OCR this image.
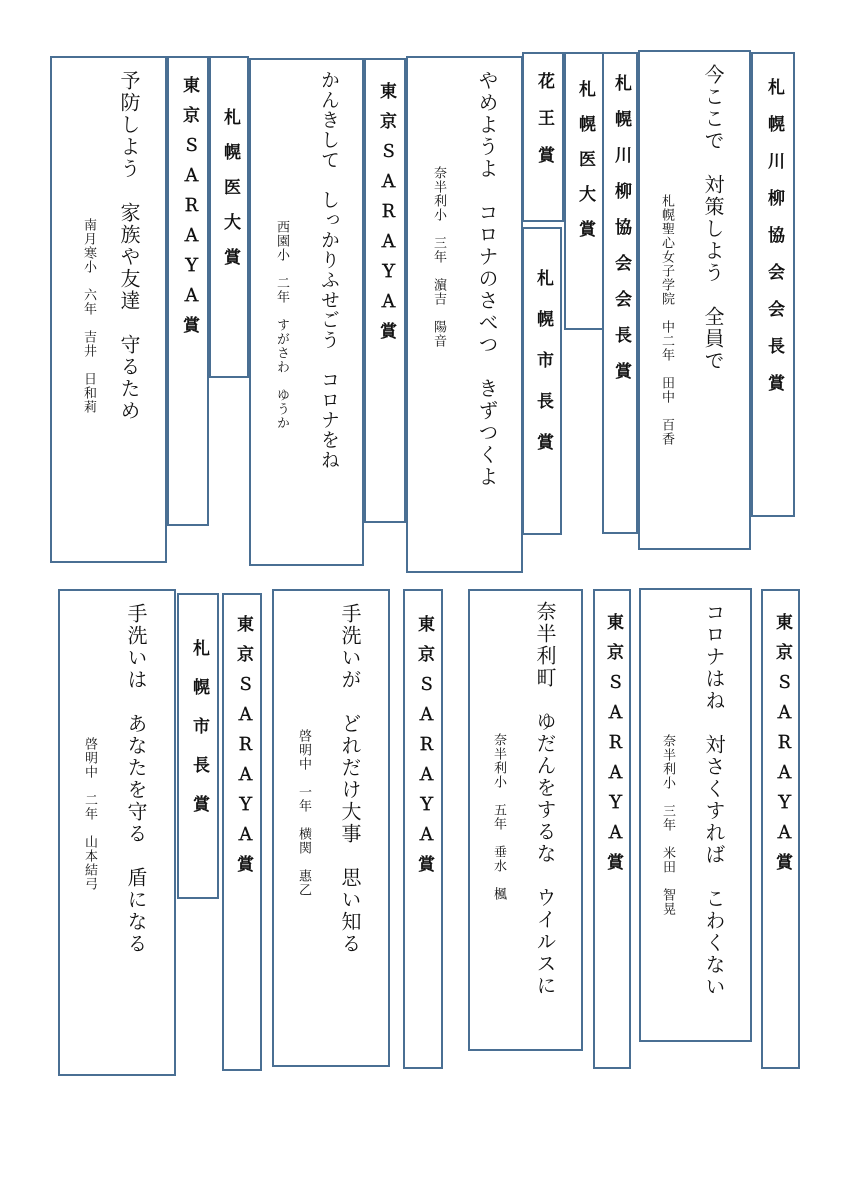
予防しよう　家族や友達　守るため
南月寒小　六年　吉井　日和莉	東京ＳＡＲＡＹＡ賞 札幌医大賞	かんきして　しっかりふせごう　コロナをね
西園小　二年　すがさわ　ゆうか	東京ＳＡＲＡＹＡ賞	やめようよ　コロナのさべつ　きずつくよ
奈半利小　三年　濵吉　陽音
花王賞
札幌市長賞
札幌医大賞 札幌川柳協会会長賞	今ここで　対策しよう　全員で
札幌聖心女子学院　中二年　田中　百香	札幌川柳協会会長賞
手洗いは　あなたを守る　盾になる
啓明中　二年　山本結弓	札幌市長賞 東京ＳＡＲＡＹＡ賞	手洗いが　どれだけ大事　思い知る
啓明中　一年　横関　惠乙	東京ＳＡＲＡＹＡ賞	奈半利町　ゆだんをするな　ウイルスに
奈半利小　五年　垂水　楓	東京ＳＡＲＡＹＡ賞	コロナはね　対さくすれば　こわくない
奈半利小　三年　米田　智晃	東京ＳＡＲＡＹＡ賞
